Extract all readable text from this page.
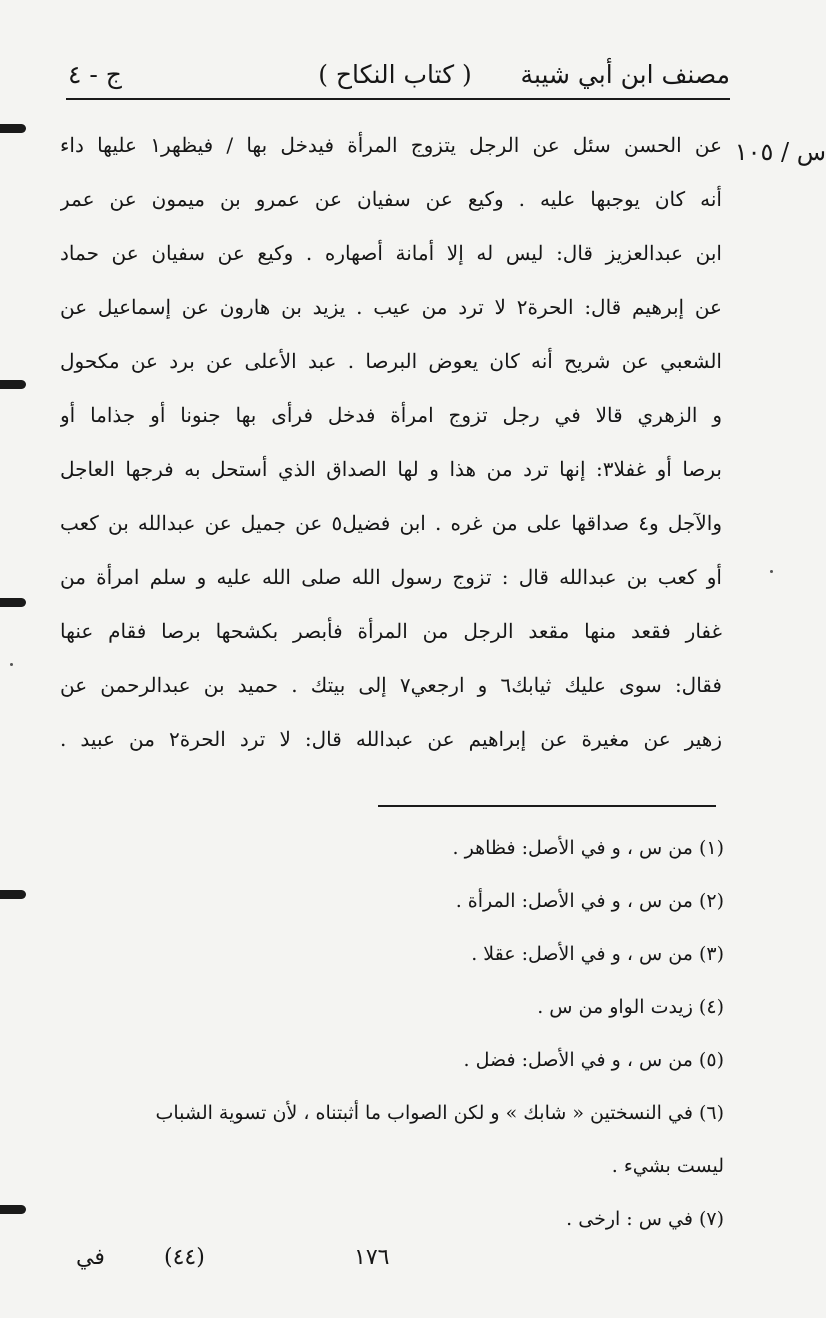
مصنف ابن أبي شيبة
( كتاب النكاح )
ج - ٤
س / ١٠٥
عن الحسن سئل عن الرجل يتزوج المرأة فيدخل بها / فيظهر١ عليها داء
أنه كان يوجبها عليه . وكيع عن سفيان عن عمرو بن ميمون عن عمر
ابن عبدالعزيز قال: ليس له إلا أمانة أصهاره . وكيع عن سفيان عن حماد
عن إبرهيم قال: الحرة٢ لا ترد من عيب . يزيد بن هارون عن إسماعيل عن
الشعبي عن شريح أنه كان يعوض البرصا . عبد الأعلى عن برد عن مكحول
و الزهري قالا في رجل تزوج امرأة فدخل فرأى بها جنونا أو جذاما أو
برصا أو غفلا٣: إنها ترد من هذا و لها الصداق الذي أستحل به فرجها العاجل
والآجل و٤ صداقها على من غره . ابن فضيل٥ عن جميل عن عبدالله بن كعب
أو كعب بن عبدالله قال : تزوج رسول الله صلى الله عليه و سلم امرأة من
غفار فقعد منها مقعد الرجل من المرأة فأبصر بكشحها برصا فقام عنها
فقال: سوى عليك ثيابك٦ و ارجعي٧ إلى بيتك . حميد بن عبدالرحمن عن
زهير عن مغيرة عن إبراهيم عن عبدالله قال: لا ترد الحرة٢ من عبيد .
(١) من س ، و في الأصل: فظاهر .
(٢) من س ، و في الأصل: المرأة .
(٣) من س ، و في الأصل: عقلا .
(٤) زيدت الواو من س .
(٥) من س ، و في الأصل: فضل .
(٦) في النسختين « شابك » و لكن الصواب ما أثبتناه ، لأن تسوية الشباب
ليست بشيء .
(٧) في س : ارخى .
في	(٤٤)	١٧٦
